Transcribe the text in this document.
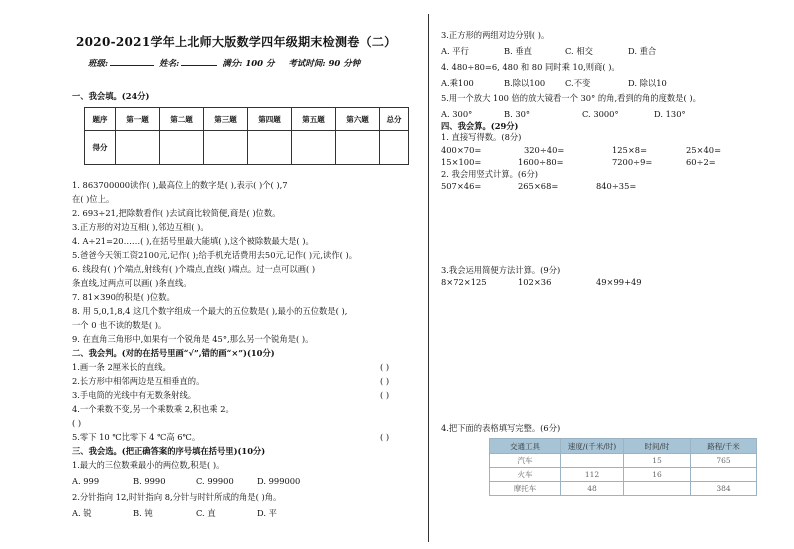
2020-2021学年上北师大版数学四年级期末检测卷（二）
班级:	姓名:	满分: 100 分 考试时间: 90 分钟
一、我会填。(24分)
题序	第一题	第二题	第三题	第四题	第五题	第六题	总分
得分							
1. 863700000读作( ),最高位上的数字是( ),表示( )个( ),7
在( )位上。
2. 693÷21,把除数看作( )去试商比较简便,商是( )位数。
3.正方形的对边互相( ),邻边互相( )。
4. A÷21=20……( ),在括号里最大能填( ),这个被除数最大是( )。
5.爸爸今天领工资2100元,记作( );给手机充话费用去50元,记作( )元,读作( )。
6. 线段有( )个端点,射线有( )个端点,直线( )端点。过一点可以画( )
条直线,过两点可以画( )条直线。
7. 81×390的积是( )位数。
8. 用 5,0,1,8,4 这几个数字组成一个最大的五位数是( ),最小的五位数是( ),
一个 0 也不读的数是( )。
9. 在直角三角形中,如果有一个锐角是 45°,那么另一个锐角是( )。
二、我会判。(对的在括号里画“√”,错的画“×”)(10分)
1.画一条 2厘米长的直线。	( )
2.长方形中相邻两边是互相垂直的。	( )
3.手电筒的光线中有无数条射线。	( )
4.一个乘数不变,另一个乘数乘 2,积也乘 2。
( )
5.零下 10 ℃比零下 4 ℃高 6℃。	( )
三、我会选。(把正确答案的序号填在括号里)(10分)
1.最大的三位数乘最小的两位数,积是( )。
A. 999	B. 9990	C. 99900	D. 999000
2.分针指向 12,时针指向 8,分针与时针所成的角是( )角。
A. 锐	B. 钝	C. 直	D. 平
3.正方形的两组对边分别( )。
A. 平行	B. 垂直	C. 相交	D. 重合
4. 480÷80=6, 480 和 80 同时乘 10,则商( )。
A.乘100	B.除以100 C.不变	D. 除以10
5.用一个放大 100 倍的放大镜看一个 30° 的角,看到的角的度数是( )。
A. 300°	B. 30°	C. 3000°	D. 130°
四、我会算。(29分)
1. 直接写得数。(8分)
400×70=	320÷40=	125×8=	25×40=
15×100=	1600÷80=	7200÷9=	60÷2=
2. 我会用竖式计算。(6分)
507×46=	265×68=	840÷35=
3.我会运用简便方法计算。(9分)
8×72×125	102×36	49×99+49
4.把下面的表格填写完整。(6分)
交通工具	速度/(千米/时)	时间/时	路程/千米
汽车		15	765
火车	112	16	
摩托车	48		384
